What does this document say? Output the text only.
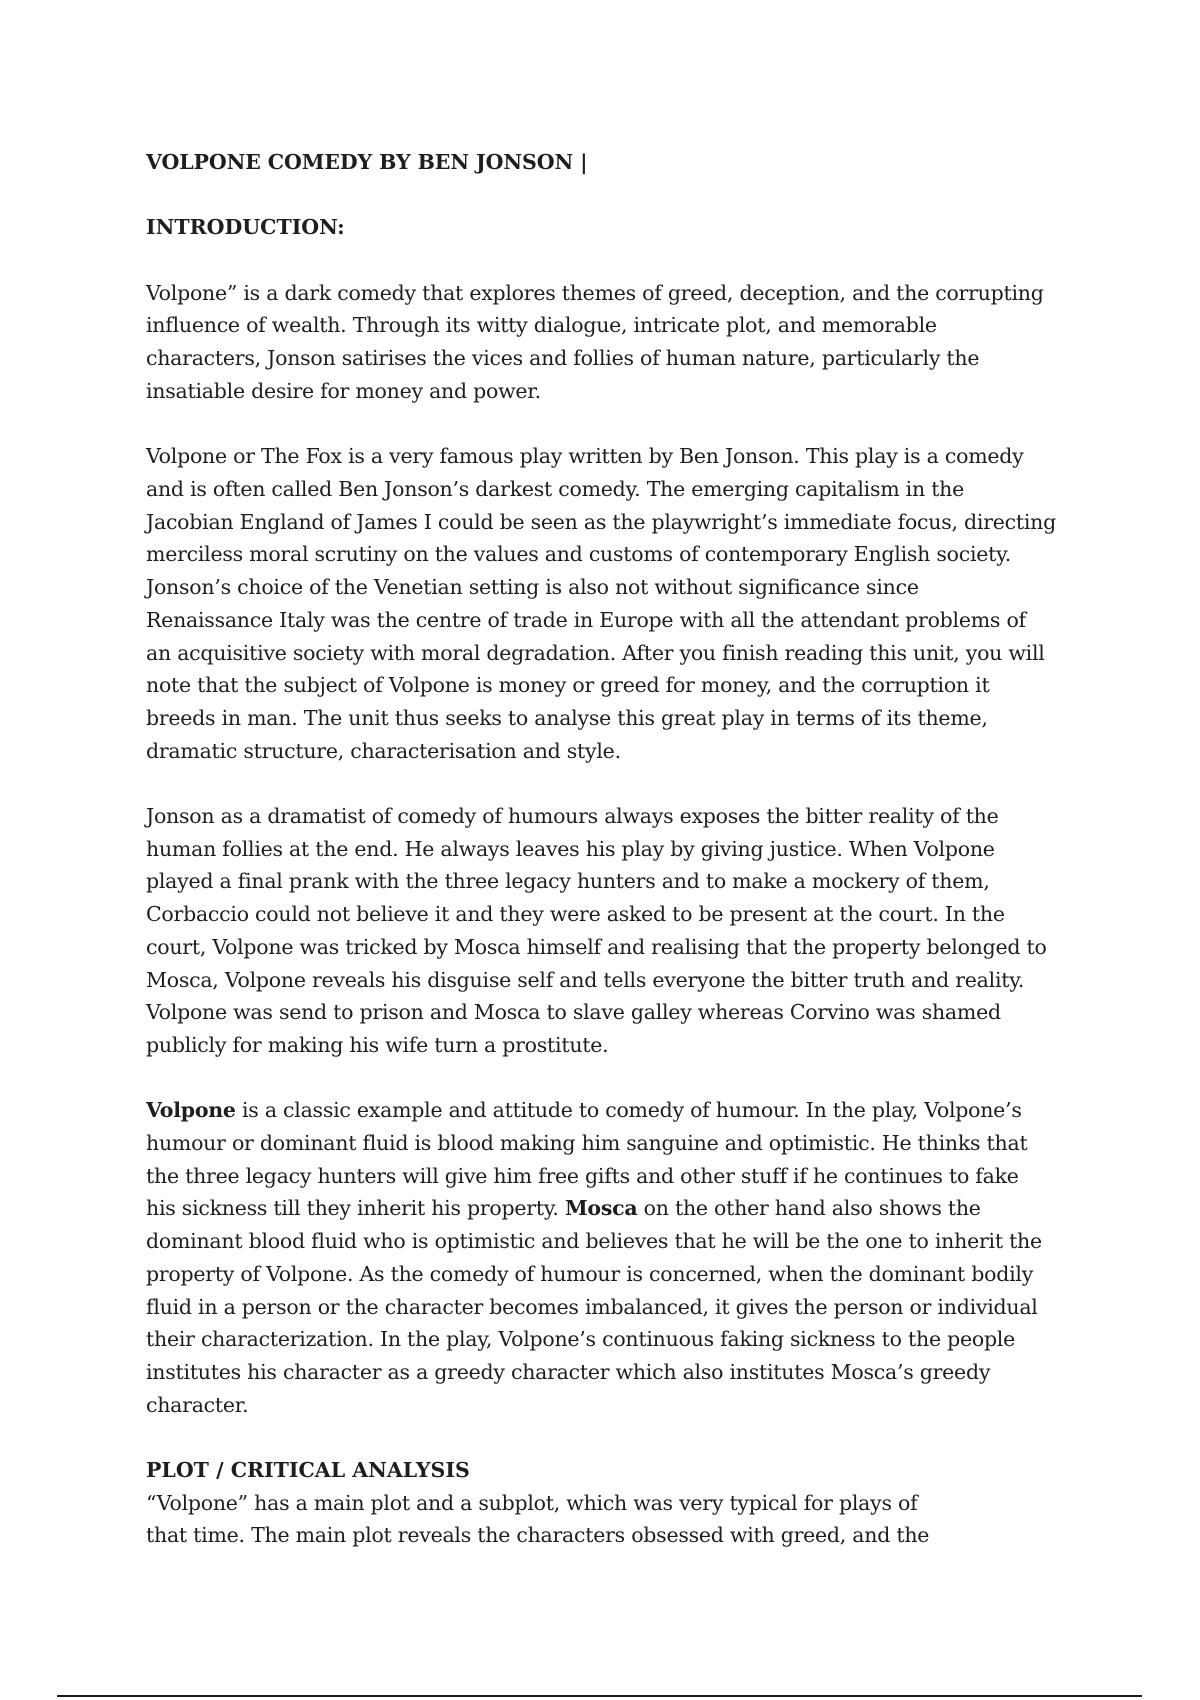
VOLPONE COMEDY BY BEN JONSON |

INTRODUCTION:

Volpone” is a dark comedy that explores themes of greed, deception, and the corrupting
influence of wealth. Through its witty dialogue, intricate plot, and memorable
characters, Jonson satirises the vices and follies of human nature, particularly the
insatiable desire for money and power.

Volpone or The Fox is a very famous play written by Ben Jonson. This play is a comedy
and is often called Ben Jonson’s darkest comedy. The emerging capitalism in the
Jacobian England of James I could be seen as the playwright’s immediate focus, directing
merciless moral scrutiny on the values and customs of contemporary English society.
Jonson’s choice of the Venetian setting is also not without significance since
Renaissance Italy was the centre of trade in Europe with all the attendant problems of
an acquisitive society with moral degradation. After you finish reading this unit, you will
note that the subject of Volpone is money or greed for money, and the corruption it
breeds in man. The unit thus seeks to analyse this great play in terms of its theme,
dramatic structure, characterisation and style.

Jonson as a dramatist of comedy of humours always exposes the bitter reality of the
human follies at the end. He always leaves his play by giving justice. When Volpone
played a final prank with the three legacy hunters and to make a mockery of them,
Corbaccio could not believe it and they were asked to be present at the court. In the
court, Volpone was tricked by Mosca himself and realising that the property belonged to
Mosca, Volpone reveals his disguise self and tells everyone the bitter truth and reality.
Volpone was send to prison and Mosca to slave galley whereas Corvino was shamed
publicly for making his wife turn a prostitute.

Volpone is a classic example and attitude to comedy of humour. In the play, Volpone’s
humour or dominant fluid is blood making him sanguine and optimistic. He thinks that
the three legacy hunters will give him free gifts and other stuff if he continues to fake
his sickness till they inherit his property. Mosca on the other hand also shows the
dominant blood fluid who is optimistic and believes that he will be the one to inherit the
property of Volpone. As the comedy of humour is concerned, when the dominant bodily
fluid in a person or the character becomes imbalanced, it gives the person or individual
their characterization. In the play, Volpone’s continuous faking sickness to the people
institutes his character as a greedy character which also institutes Mosca’s greedy
character.

PLOT / CRITICAL ANALYSIS

“Volpone” has a main plot and a subplot, which was very typical for plays of
that time. The main plot reveals the characters obsessed with greed, and the
